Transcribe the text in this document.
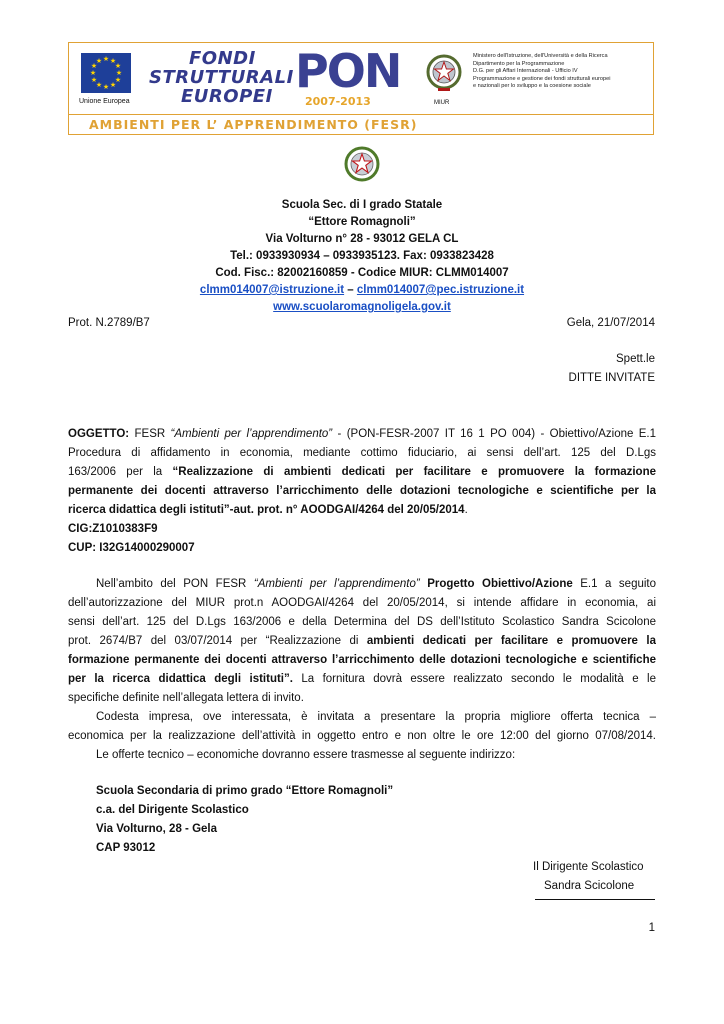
★ ★
★
★
★
★
★
★
★
★
★
★
Unione Europea
FONDI
STRUTTURALI
EUROPEI PON
2007-2013	MIUR
Ministero dell'Istruzione, dell'Università e della Ricerca
Dipartimento per la Programmazione
D.G. per gli Affari Internazionali - Ufficio IV
Programmazione e gestione dei fondi strutturali europei
e nazionali per lo sviluppo e la coesione sociale
AMBIENTI PER L’ APPRENDIMENTO (FESR)
Scuola Sec. di I grado Statale
“Ettore Romagnoli”
Via Volturno n° 28 - 93012 GELA CL
Tel.: 0933930934 – 0933935123. Fax: 0933823428
Cod. Fisc.: 82002160859 - Codice MIUR: CLMM014007
clmm014007@istruzione.it – clmm014007@pec.istruzione.it
www.scuolaromagnoligela.gov.it
Prot. N.2789/B7	Gela, 21/07/2014
Spett.le
DITTE INVITATE
OGGETTO: FESR “Ambienti per l’apprendimento” - (PON-FESR-2007 IT 16 1 PO 004) - Obiettivo/Azione E.1
Procedura di affidamento in economia, mediante cottimo fiduciario, ai sensi dell’art. 125 del D.Lgs
163/2006 per la “Realizzazione di ambienti dedicati per facilitare e promuovere la formazione
permanente dei docenti attraverso l’arricchimento delle dotazioni tecnologiche e scientifiche per la
ricerca didattica degli istituti”-aut. prot. n° AOODGAI/4264 del 20/05/2014.
CIG:Z1010383F9
CUP: I32G14000290007
Nell’ambito del PON FESR “Ambienti per l’apprendimento” Progetto Obiettivo/Azione E.1 a seguito
dell’autorizzazione del MIUR prot.n AOODGAI/4264 del 20/05/2014, si intende affidare in economia, ai
sensi dell’art. 125 del D.Lgs 163/2006 e della Determina del DS dell’Istituto Scolastico Sandra Scicolone
prot. 2674/B7 del 03/07/2014 per “Realizzazione di ambienti dedicati per facilitare e promuovere la
formazione permanente dei docenti attraverso l’arricchimento delle dotazioni tecnologiche e scientifiche
per la ricerca didattica degli istituti”. La fornitura dovrà essere realizzato secondo le modalità e le
specifiche definite nell’allegata lettera di invito.
Codesta impresa, ove interessata, è invitata a presentare la propria migliore offerta tecnica –
economica per la realizzazione dell’attività in oggetto entro e non oltre le ore 12:00 del giorno 07/08/2014.
Le offerte tecnico – economiche dovranno essere trasmesse al seguente indirizzo:
Scuola Secondaria di primo grado “Ettore Romagnoli”
c.a. del Dirigente Scolastico
Via Volturno, 28 - Gela
CAP 93012
Il Dirigente Scolastico
Sandra Scicolone
1
